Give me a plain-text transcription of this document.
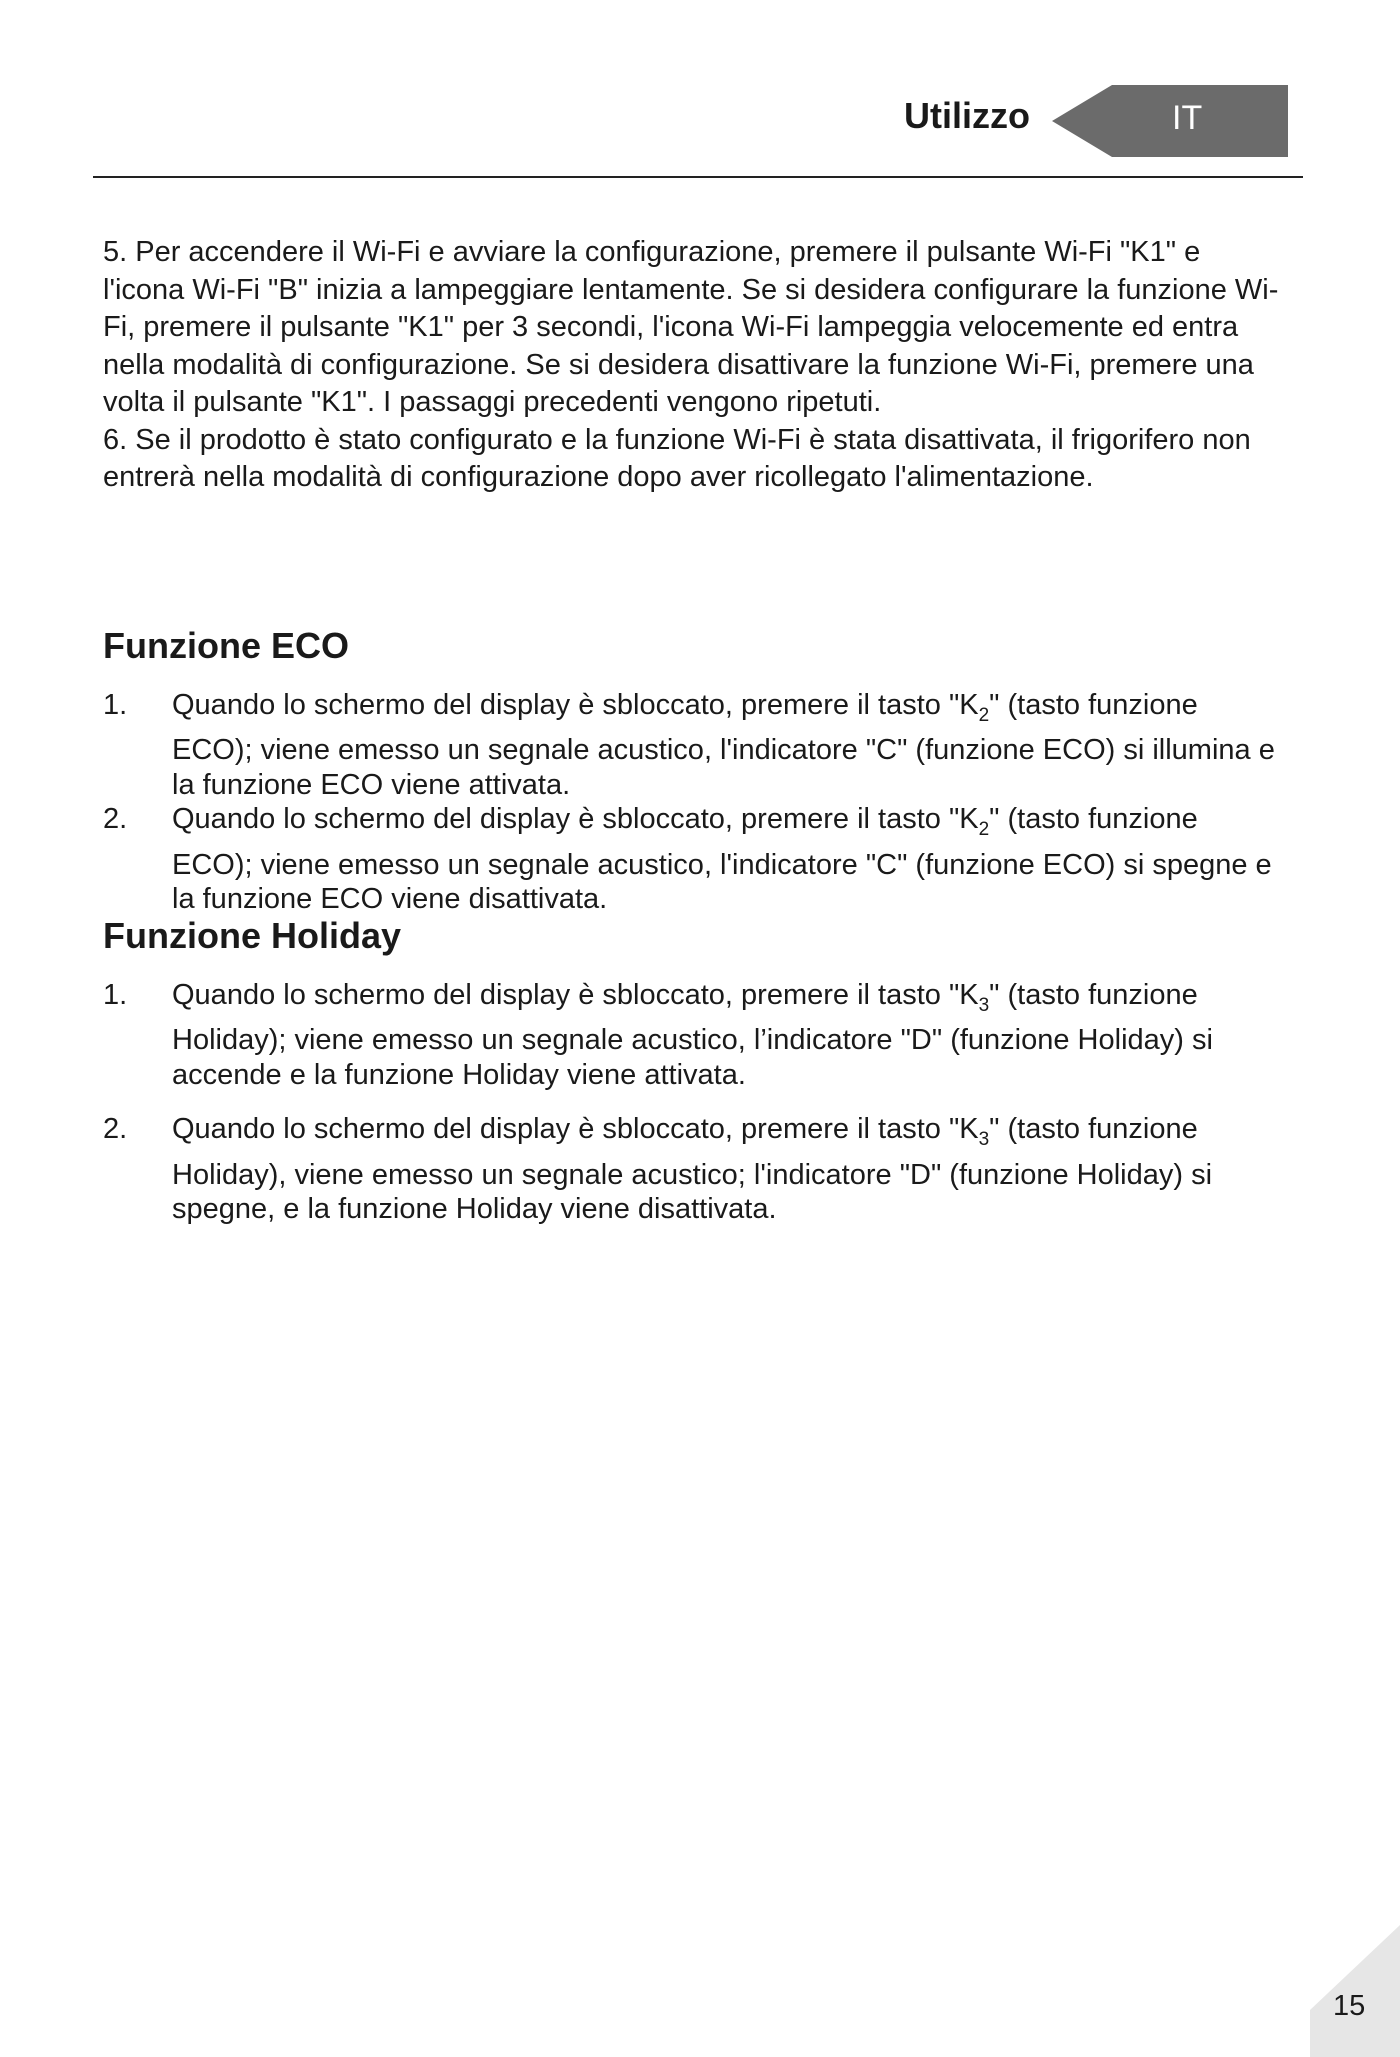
Utilizzo	IT

5. Per accendere il Wi-Fi e avviare la configurazione, premere il pulsante Wi-Fi "K1" e l'icona Wi-Fi "B" inizia a lampeggiare lentamente. Se si desidera configurare la funzione Wi-Fi, premere il pulsante "K1" per 3 secondi, l'icona Wi-Fi lampeggia velocemente ed entra nella modalità di configurazione. Se si desidera disattivare la funzione Wi-Fi, premere una volta il pulsante "K1". I passaggi precedenti vengono ripetuti.

6. Se il prodotto è stato configurato e la funzione Wi-Fi è stata disattivata, il frigorifero non entrerà nella modalità di configurazione dopo aver ricollegato l'alimentazione.

Funzione ECO
1. Quando lo schermo del display è sbloccato, premere il tasto "$K_2$" (tasto funzione ECO); viene emesso un segnale acustico, l'indicatore "C" (funzione ECO) si illumina e la funzione ECO viene attivata.
2. Quando lo schermo del display è sbloccato, premere il tasto "$K_2$" (tasto funzione ECO); viene emesso un segnale acustico, l'indicatore "C" (funzione ECO) si spegne e la funzione ECO viene disattivata.
Funzione Holiday
1. Quando lo schermo del display è sbloccato, premere il tasto "$K_3$" (tasto funzione Holiday); viene emesso un segnale acustico, l’indicatore "D" (funzione Holiday) si accende e la funzione Holiday viene attivata.
2. Quando lo schermo del display è sbloccato, premere il tasto "$K_3$" (tasto funzione Holiday), viene emesso un segnale acustico; l'indicatore "D" (funzione Holiday) si spegne, e la funzione Holiday viene disattivata.
15
